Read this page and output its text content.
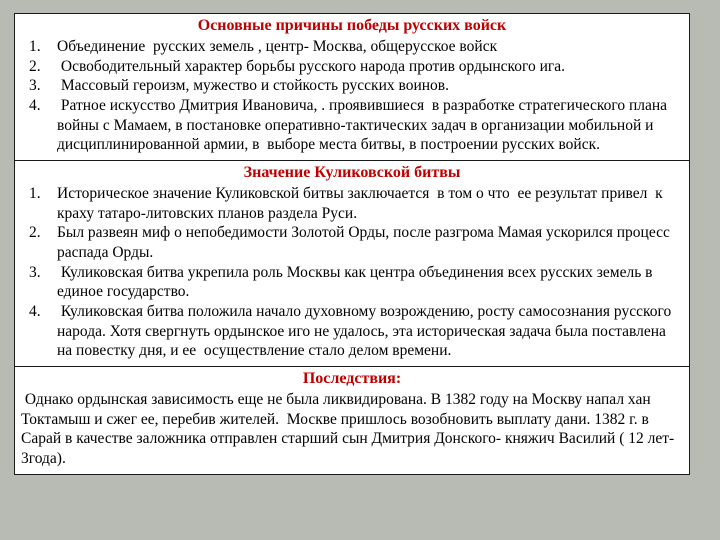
Основные причины победы русских войск
Объединение  русских земель , центр- Москва, общерусское войск
Освободительный характер борьбы русского народа против ордынского ига.
Массовый героизм, мужество и стойкость русских воинов.
Ратное искусство Дмитрия Ивановича, . проявившиеся  в разработке стратегического плана войны с Мамаем, в постановке оперативно-тактических задач в организации мобильной и дисциплинированной армии, в  выборе места битвы, в построении русских войск.
Значение Куликовской битвы
Историческое значение Куликовской битвы заключается  в том о что  ее результат привел  к краху татаро-литовских планов раздела Руси.
Был развеян миф о непобедимости Золотой Орды, после разгрома Мамая ускорился процесс распада Орды.
Куликовская битва укрепила роль Москвы как центра объединения всех русских земель в единое государство.
Куликовская битва положила начало духовному возрождению, росту самосознания русского народа. Хотя свергнуть ордынское иго не удалось, эта историческая задача была поставлена на повестку дня, и ее  осуществление стало делом времени.
Последствия:

Однако ордынская зависимость еще не была ликвидирована. В 1382 году на Москву напал хан Токтамыш и сжег ее, перебив жителей.  Москве пришлось возобновить выплату дани. 1382 г. в Сарай в качестве заложника отправлен старший сын Дмитрия Донского- княжич Василий ( 12 лет- 3года).
